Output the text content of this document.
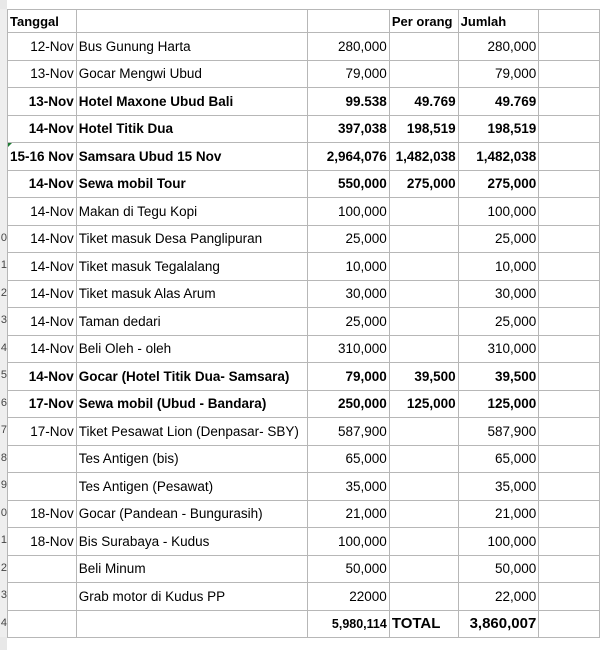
0
1
2
3
4
5
6
7
8
9
0
1
2
3
4
Tanggal			Per orang	Jumlah	
12-Nov	Bus Gunung Harta	280,000		280,000	
13-Nov	Gocar Mengwi Ubud	79,000		79,000	
13-Nov	Hotel Maxone Ubud Bali	99.538	49.769	49.769	
14-Nov	Hotel Titik Dua	397,038	198,519	198,519	
15-16 Nov	Samsara Ubud 15 Nov	2,964,076	1,482,038	1,482,038	
14-Nov	Sewa mobil Tour	550,000	275,000	275,000	
14-Nov	Makan di Tegu Kopi	100,000		100,000	
14-Nov	Tiket masuk Desa Panglipuran	25,000		25,000	
14-Nov	Tiket masuk Tegalalang	10,000		10,000	
14-Nov	Tiket masuk Alas Arum	30,000		30,000	
14-Nov	Taman dedari	25,000		25,000	
14-Nov	Beli Oleh - oleh	310,000		310,000	
14-Nov	Gocar (Hotel Titik Dua- Samsara)	79,000	39,500	39,500	
17-Nov	Sewa mobil (Ubud - Bandara)	250,000	125,000	125,000	
17-Nov	Tiket Pesawat Lion (Denpasar- SBY)	587,900		587,900	
	Tes Antigen (bis)	65,000		65,000	
	Tes Antigen (Pesawat)	35,000		35,000	
18-Nov	Gocar (Pandean - Bungurasih)	21,000		21,000	
18-Nov	Bis Surabaya - Kudus	100,000		100,000	
	Beli Minum	50,000		50,000	
	Grab motor di Kudus PP	22000		22,000	
		5,980,114	TOTAL	3,860,007	
